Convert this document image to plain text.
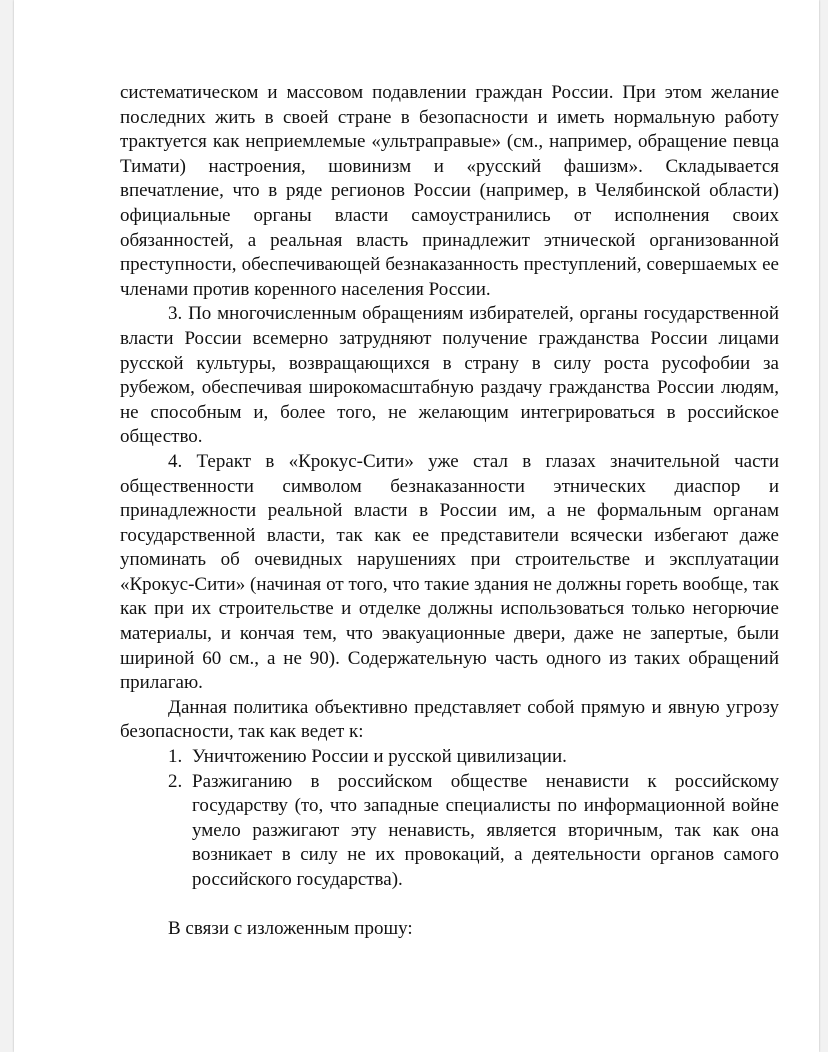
систематическом и массовом подавлении граждан России. При этом желание последних жить в своей стране в безопасности и иметь нормальную работу трактуется как неприемлемые «ультраправые» (см., например, обращение певца Тимати) настроения, шовинизм и «русский фашизм». Складывается впечатление, что в ряде регионов России (например, в Челябинской области) официальные органы власти самоустранились от исполнения своих обязанностей, а реальная власть принадлежит этнической организованной преступности, обеспечивающей безнаказанность преступлений, совершаемых ее членами против коренного населения России.

3. По многочисленным обращениям избирателей, органы государственной власти России всемерно затрудняют получение гражданства России лицами русской культуры, возвращающихся в страну в силу роста русофобии за рубежом, обеспечивая широкомасштабную раздачу гражданства России людям, не способным и, более того, не желающим интегрироваться в российское общество.

4. Теракт в «Крокус-Сити» уже стал в глазах значительной части общественности символом безнаказанности этнических диаспор и принадлежности реальной власти в России им, а не формальным органам государственной власти, так как ее представители всячески избегают даже упоминать об очевидных нарушениях при строительстве и эксплуатации «Крокус-Сити» (начиная от того, что такие здания не должны гореть вообще, так как при их строительстве и отделке должны использоваться только негорючие материалы, и кончая тем, что эвакуационные двери, даже не запертые, были шириной 60 см., а не 90). Содержательную часть одного из таких обращений прилагаю.

Данная политика объективно представляет собой прямую и явную угрозу безопасности, так как ведет к:

1. Уничтожению России и русской цивилизации.
2. Разжиганию в российском обществе ненависти к российскому государству (то, что западные специалисты по информационной войне умело разжигают эту ненависть, является вторичным, так как она возникает в силу не их провокаций, а деятельности органов самого российского государства).

В связи с изложенным прошу:
